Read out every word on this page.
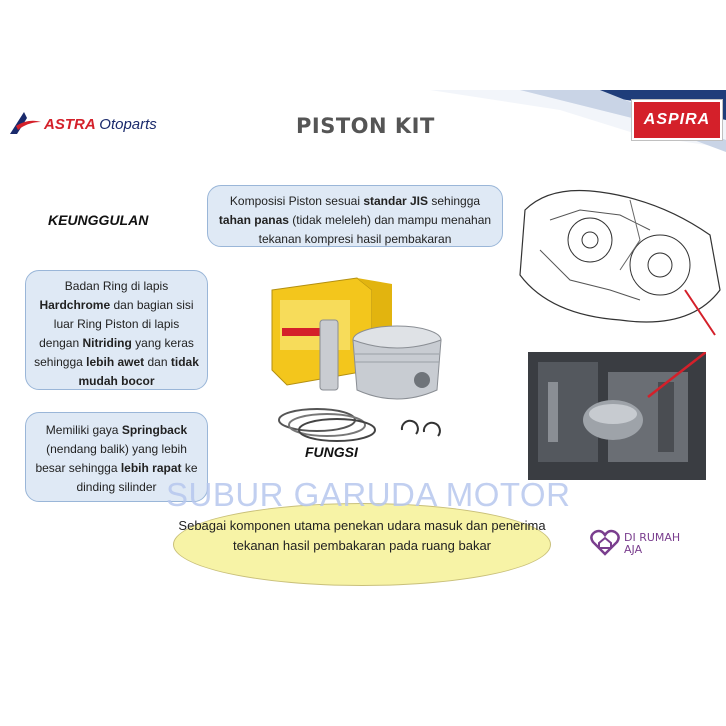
ASTRA Otoparts	PISTON KIT	ASPIRA
KEUNGGULAN
Komposisi Piston sesuai standar JIS sehingga tahan panas (tidak meleleh) dan mampu menahan tekanan kompresi hasil pembakaran
Badan Ring di lapis Hardchrome dan bagian sisi luar Ring Piston di lapis dengan Nitriding yang keras sehingga lebih awet dan tidak mudah bocor
Memiliki gaya Springback (nendang balik) yang lebih besar sehingga lebih rapat ke dinding silinder
FUNGSI
Sebagai komponen utama penekan udara masuk dan penerima tekanan hasil pembakaran pada ruang bakar
SUBUR GARUDA MOTOR
DI RUMAH
AJA
